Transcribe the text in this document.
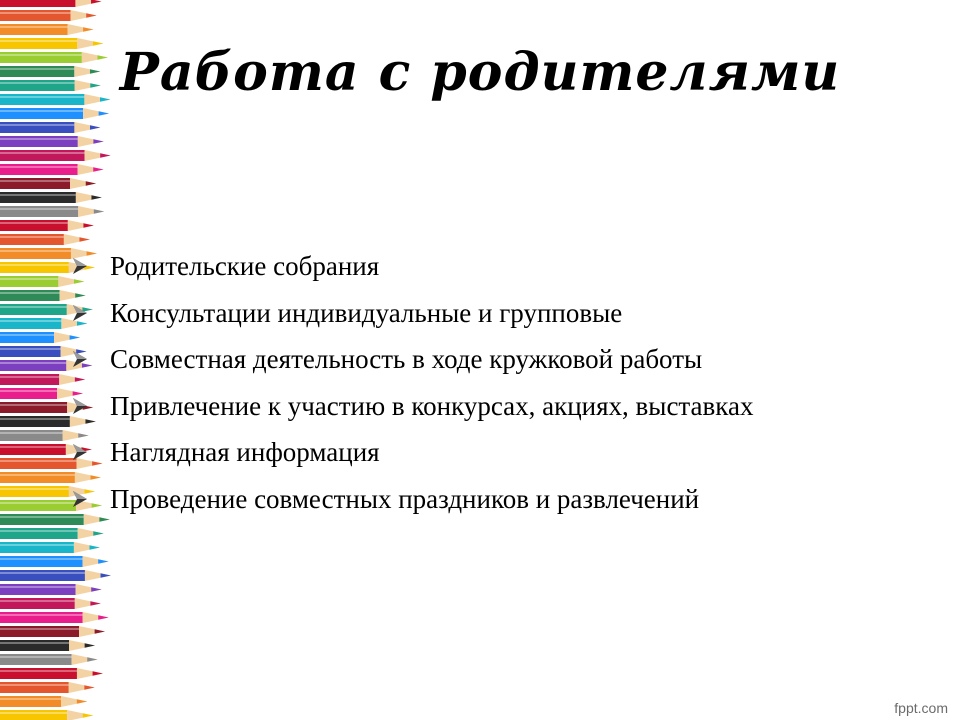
Работа с родителями
Родительские собрания
Консультации индивидуальные и групповые
Совместная деятельность в ходе кружковой работы
Привлечение к участию в конкурсах, акциях, выставках
Наглядная информация
Проведение совместных праздников и развлечений
fppt.com
